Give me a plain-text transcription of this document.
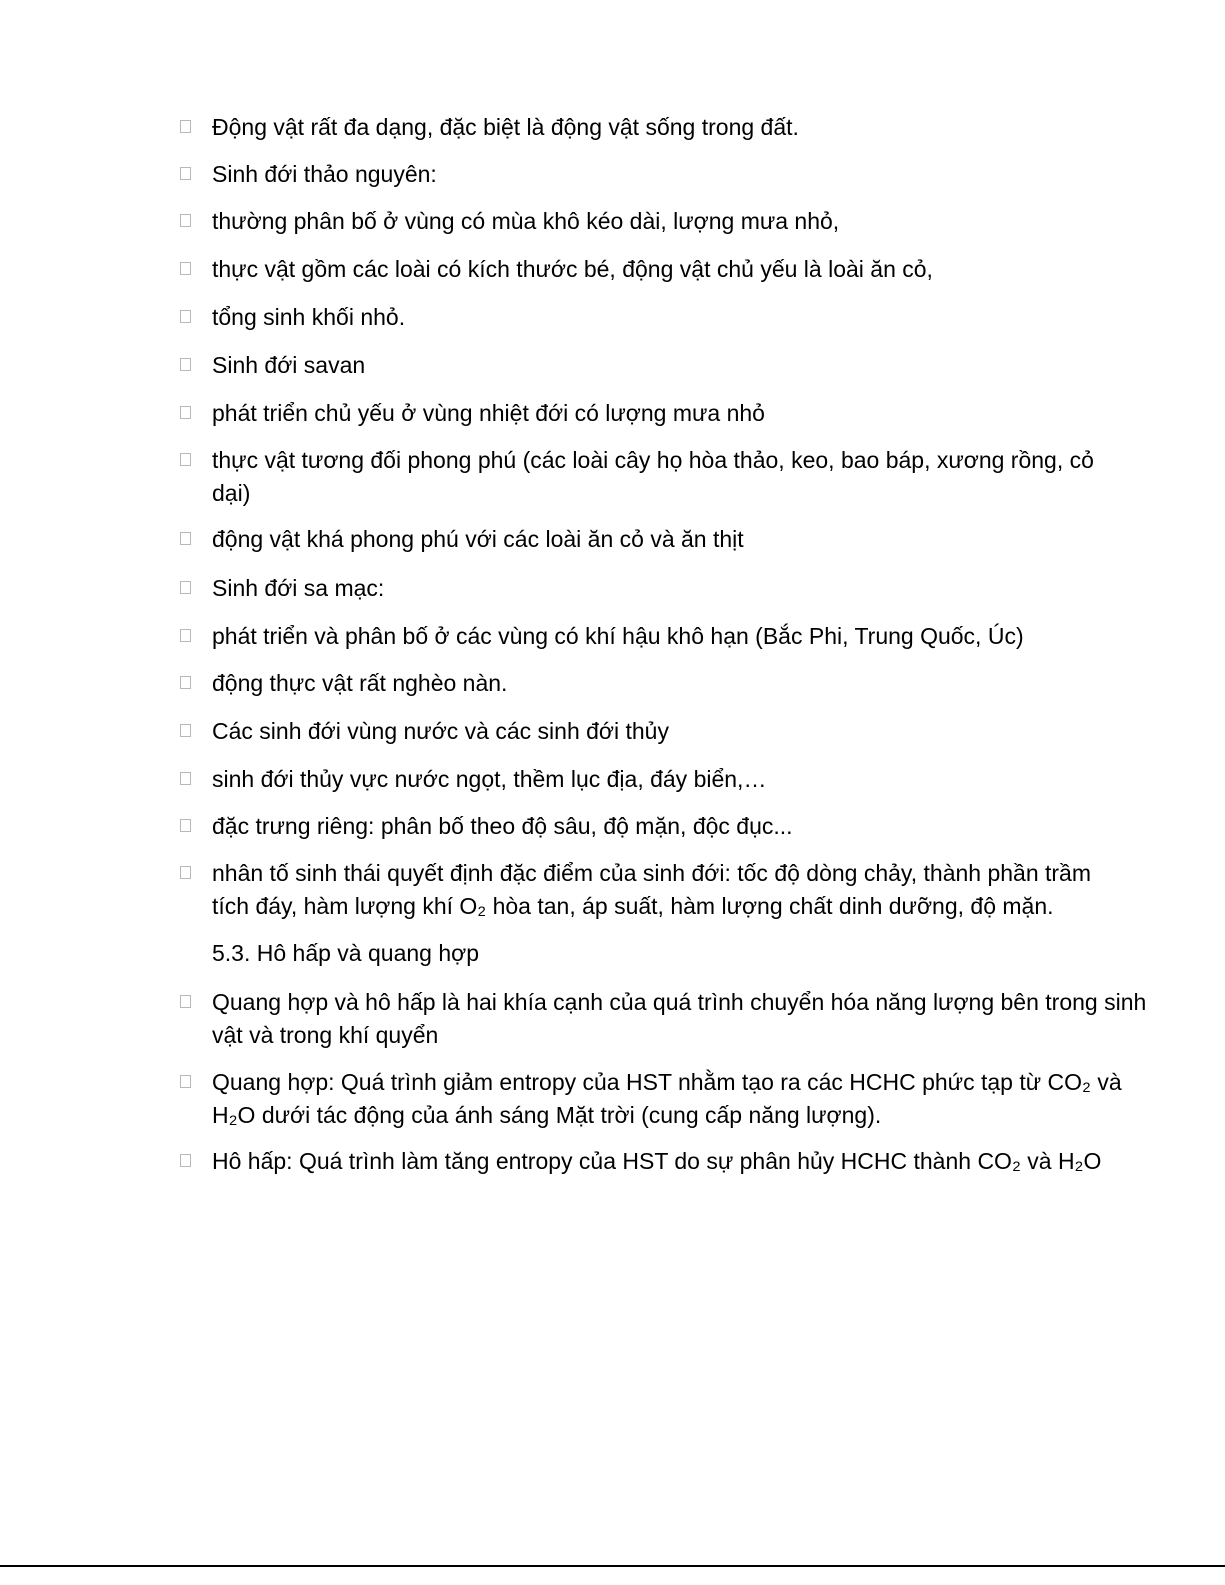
Động vật rất đa dạng, đặc biệt là động vật sống trong đất.
Sinh đới thảo nguyên:
thường phân bố ở vùng có mùa khô kéo dài, lượng mưa nhỏ,
thực vật gồm các loài có kích thước bé, động vật chủ yếu là loài ăn cỏ,
tổng sinh khối nhỏ.
Sinh đới savan
phát triển chủ yếu ở vùng nhiệt đới có lượng mưa nhỏ
thực vật tương đối phong phú (các loài cây họ hòa thảo, keo, bao báp, xương rồng, cỏ
dại)
động vật khá phong phú với các loài ăn cỏ và ăn thịt
Sinh đới sa mạc:
phát triển và phân bố ở các vùng có khí hậu khô hạn (Bắc Phi, Trung Quốc, Úc)
động thực vật rất nghèo nàn.
Các sinh đới vùng nước và các sinh đới thủy
sinh đới thủy vực nước ngọt, thềm lục địa, đáy biển,…
đặc trưng riêng: phân bố theo độ sâu, độ mặn, độc đục...
nhân tố sinh thái quyết định đặc điểm của sinh đới: tốc độ dòng chảy, thành phần trầm
tích đáy, hàm lượng khí O₂ hòa tan, áp suất, hàm lượng chất dinh dưỡng, độ mặn.
5.3. Hô hấp và quang hợp
Quang hợp và hô hấp là hai khía cạnh của quá trình chuyển hóa năng lượng bên trong sinh
vật và trong khí quyển
Quang hợp: Quá trình giảm entropy của HST nhằm tạo ra các HCHC phức tạp từ CO₂ và
H₂O dưới tác động của ánh sáng Mặt trời (cung cấp năng lượng).
Hô hấp: Quá trình làm tăng entropy của HST do sự phân hủy HCHC thành CO₂ và H₂O
